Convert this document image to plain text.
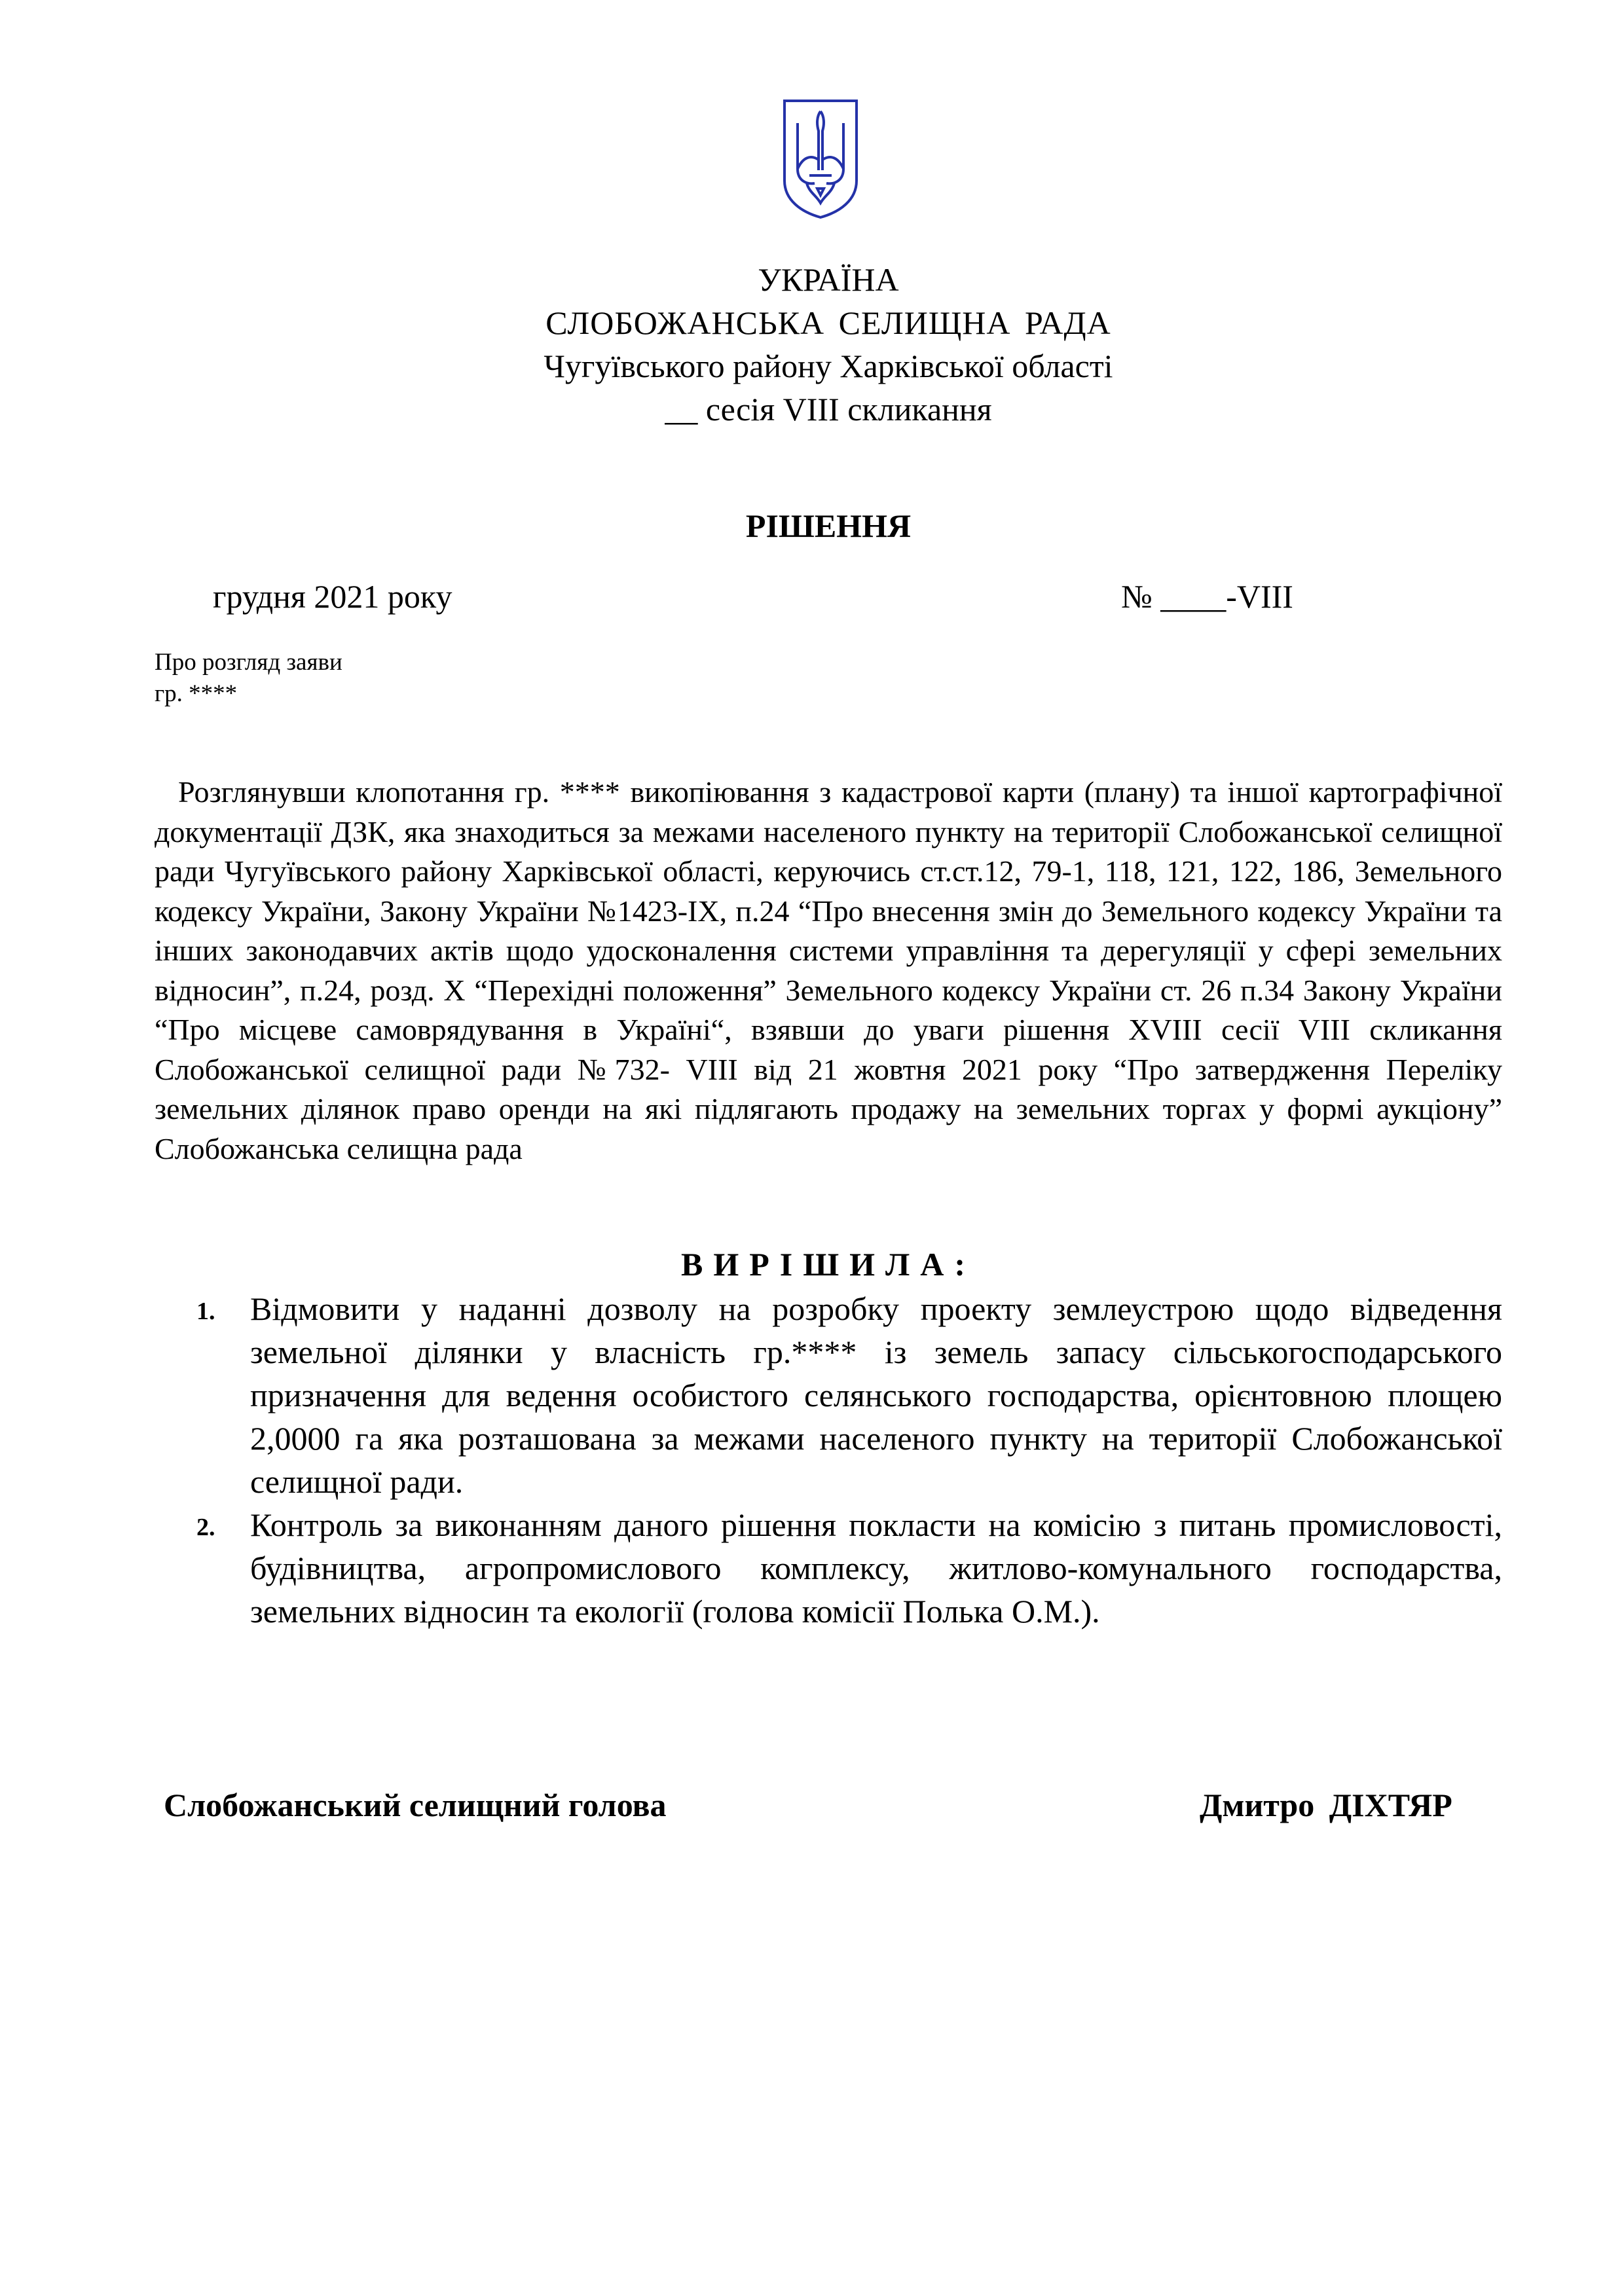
УКРАЇНА
СЛОБОЖАНСЬКА СЕЛИЩНА РАДА
Чугуївського району Харківської області
__ сесія VIII скликання
РІШЕННЯ
грудня 2021 року	№ ____-VIII
Про розгляд заяви
гр. ****
Розглянувши клопотання гр. **** викопіювання з кадастрової карти (плану) та іншої картографічної документації ДЗК, яка знаходиться за межами населеного пункту на території Слобожанської селищної ради Чугуївського району Харківської області, керуючись ст.ст.12, 79-1, 118, 121, 122, 186, Земельного кодексу України, Закону України №1423-IX, п.24 “Про внесення змін до Земельного кодексу України та інших законодавчих актів щодо удосконалення системи управління та дерегуляції у сфері земельних відносин”, п.24, розд. X “Перехідні положення” Земельного кодексу України ст. 26 п.34 Закону України “Про місцеве самоврядування в Україні“, взявши до уваги рішення XVIII сесії VIII скликання Слобожанської селищної ради №732- VIII від 21 жовтня 2021 року “Про затвердження Переліку земельних ділянок право оренди на які підлягають продажу на земельних торгах у формі аукціону” Слобожанська селищна рада
ВИРІШИЛА:
1. Відмовити у наданні дозволу на розробку проекту землеустрою щодо відведення земельної ділянки у власність гр.**** із земель запасу сільськогосподарського призначення для ведення особистого селянського господарства, орієнтовною площею 2,0000 га яка розташована за межами населеного пункту на території Слобожанської селищної ради.
2. Контроль за виконанням даного рішення покласти на комісію з питань промисловості, будівництва, агропромислового комплексу, житлово-комунального господарства, земельних відносин та екології (голова комісії Полька О.М.).
Слобожанський селищний голова	Дмитро ДІХТЯР
